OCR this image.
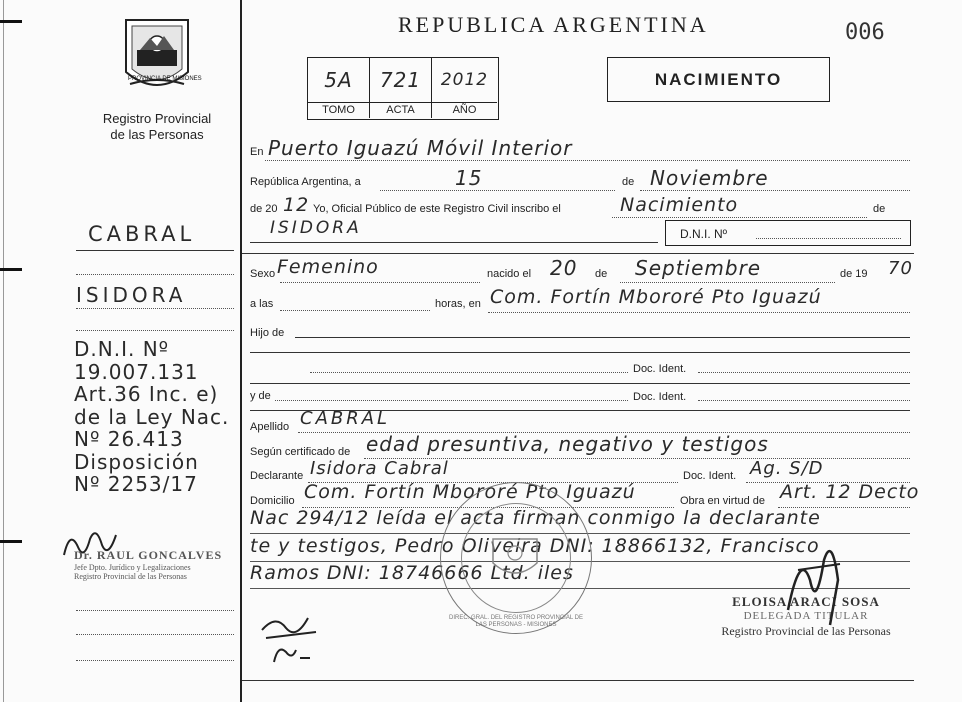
PROVINCIA DE MISIONES
Registro Provincial
de las Personas
REPUBLICA ARGENTINA	006
5A	721	2012
TOMO	ACTA	AÑO
NACIMIENTO
En Puerto Iguazú Móvil Interior
República Argentina, a	15	de Noviembre
de 20 12 Yo, Oficial Público de este Registro Civil inscribo el	Nacimiento	de
ISIDORA	D.N.I. Nº
Sexo Femenino	nacido el 20 de Septiembre	de 19 70
a las	horas, en Com. Fortín Mbororé Pto Iguazú
Hijo de
Doc. Ident.
y de	Doc. Ident.
Apellido CABRAL
Según certificado de edad presuntiva, negativo y testigos
Declarante Isidora Cabral	Doc. Ident. Ag. S/D
Domicilio Com. Fortín Mbororé Pto Iguazú	Obra en virtud de Art. 12 Decto
Nac 294/12 leída el acta firman conmigo la declarante
te y testigos, Pedro Oliveira DNI: 18866132, Francisco
Ramos DNI: 18746666 Ltd. iles
ELOISA ARACI SOSA
DELEGADA TITULAR
Registro Provincial de las Personas
DIREC. GRAL. DEL REGISTRO PROVINCIAL DE LAS PERSONAS - MISIONES
CABRAL
ISIDORA
D.N.I. Nº
19.007.131
Art.36 Inc. e)
de la Ley Nac.
Nº 26.413
Disposición
Nº 2253/17
Dr. RAUL GONCALVES
Jefe Dpto. Jurídico y Legalizaciones
Registro Provincial de las Personas
